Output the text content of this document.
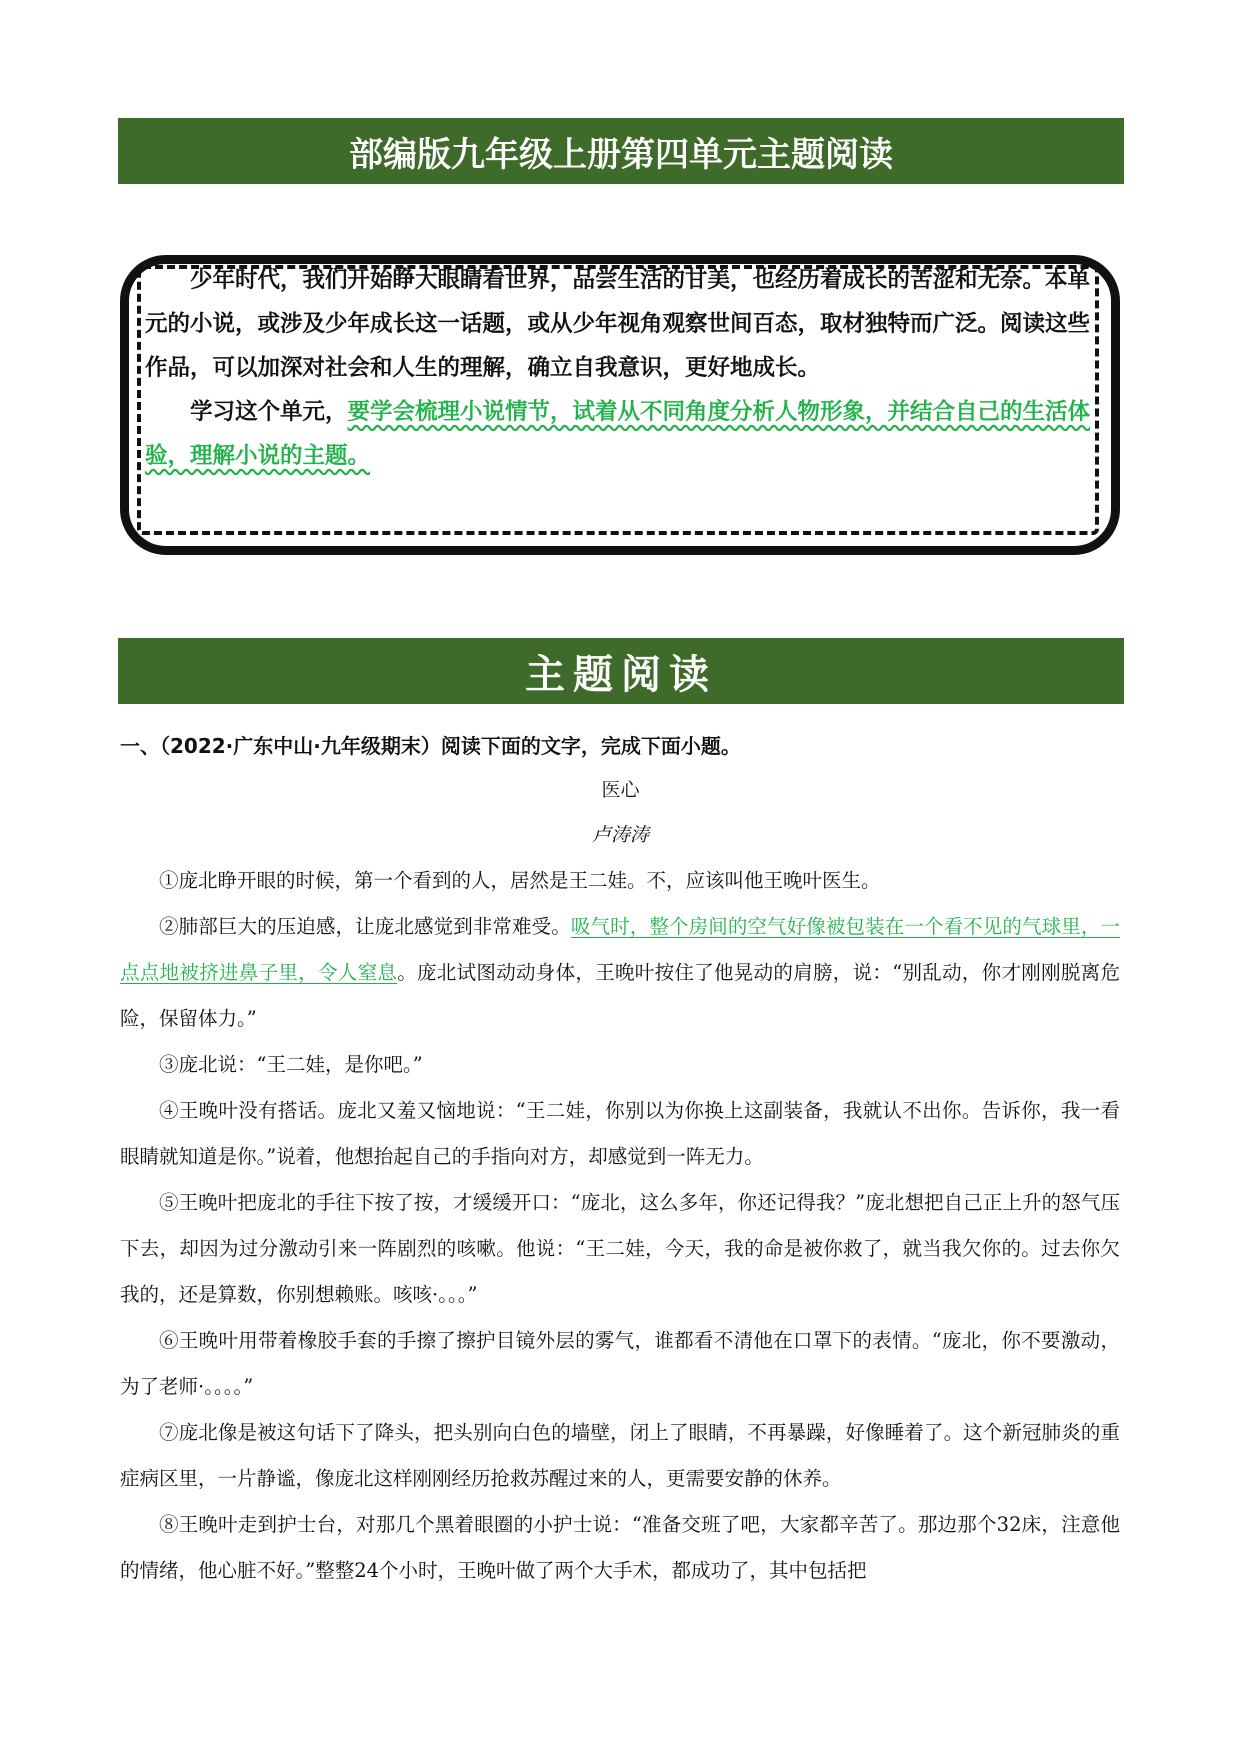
部编版九年级上册第四单元主题阅读

少年时代，我们开始睁大眼睛看世界，品尝生活的甘美，也经历着成长的苦涩和无奈。本单元的小说，或涉及少年成长这一话题，或从少年视角观察世间百态，取材独特而广泛。阅读这些作品，可以加深对社会和人生的理解，确立自我意识，更好地成长。

学习这个单元，要学会梳理小说情节，试着从不同角度分析人物形象，并结合自己的生活体验，理解小说的主题。

主题阅读
一、（2022·广东中山·九年级期末）阅读下面的文字，完成下面小题。
医心
卢涛涛

①庞北睁开眼的时候，第一个看到的人，居然是王二娃。不，应该叫他王晚叶医生。

②肺部巨大的压迫感，让庞北感觉到非常难受。吸气时，整个房间的空气好像被包装在一个看不见的气球里，一点点地被挤进鼻子里，令人窒息。庞北试图动动身体，王晚叶按住了他晃动的肩膀，说：“别乱动，你才刚刚脱离危险，保留体力。”

③庞北说：“王二娃，是你吧。”

④王晚叶没有搭话。庞北又羞又恼地说：“王二娃，你别以为你换上这副装备，我就认不出你。告诉你，我一看眼睛就知道是你。”说着，他想抬起自己的手指向对方，却感觉到一阵无力。

⑤王晚叶把庞北的手往下按了按，才缓缓开口：“庞北，这么多年，你还记得我？”庞北想把自己正上升的怒气压下去，却因为过分激动引来一阵剧烈的咳嗽。他说：“王二娃，今天，我的命是被你救了，就当我欠你的。过去你欠我的，还是算数，你别想赖账。咳咳·。。。”

⑥王晚叶用带着橡胶手套的手擦了擦护目镜外层的雾气，谁都看不清他在口罩下的表情。“庞北，你不要激动，为了老师·。。。。”

⑦庞北像是被这句话下了降头，把头别向白色的墙壁，闭上了眼睛，不再暴躁，好像睡着了。这个新冠肺炎的重症病区里，一片静谧，像庞北这样刚刚经历抢救苏醒过来的人，更需要安静的休养。

⑧王晚叶走到护士台，对那几个黑着眼圈的小护士说：“准备交班了吧，大家都辛苦了。那边那个32床，注意他的情绪，他心脏不好。”整整24个小时，王晚叶做了两个大手术，都成功了，其中包括把
